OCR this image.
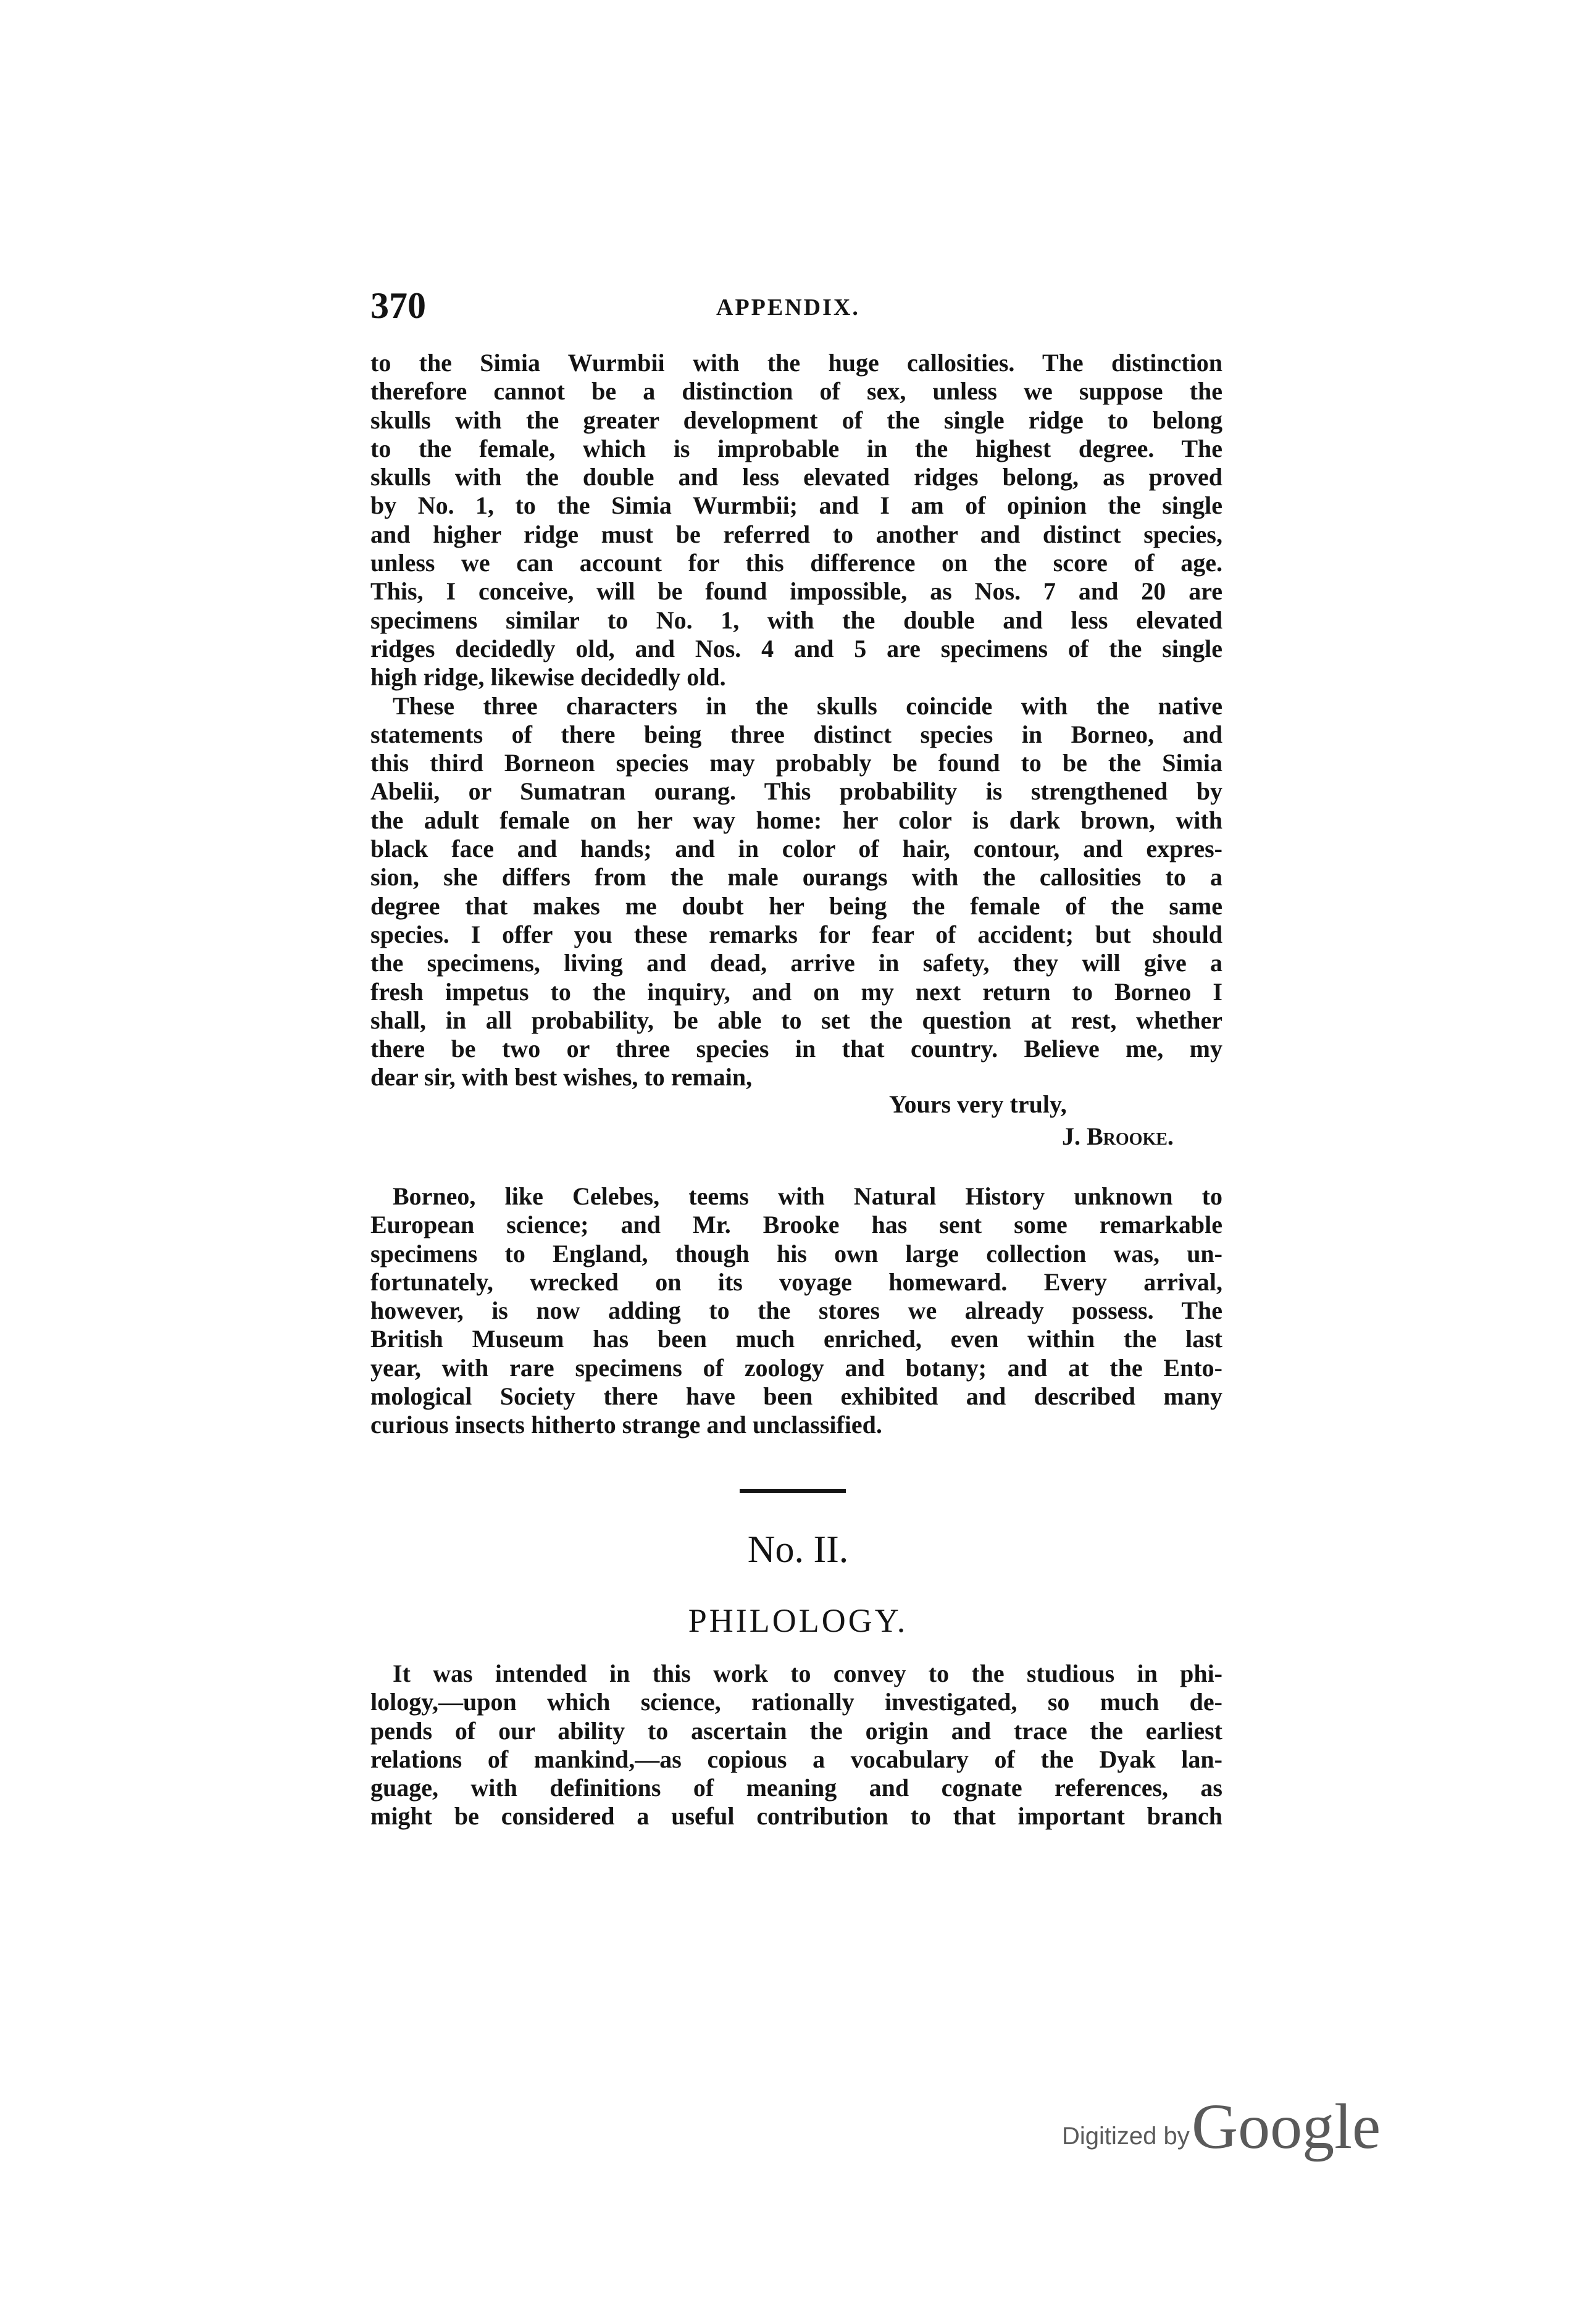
370	APPENDIX.
to the Simia Wurmbii with the huge callosities. The distinction
therefore cannot be a distinction of sex, unless we suppose the
skulls with the greater development of the single ridge to belong
to the female, which is improbable in the highest degree. The
skulls with the double and less elevated ridges belong, as proved
by No. 1, to the Simia Wurmbii; and I am of opinion the single
and higher ridge must be referred to another and distinct species,
unless we can account for this difference on the score of age.
This, I conceive, will be found impossible, as Nos. 7 and 20 are
specimens similar to No. 1, with the double and less elevated
ridges decidedly old, and Nos. 4 and 5 are specimens of the single
high ridge, likewise decidedly old.
These three characters in the skulls coincide with the native
statements of there being three distinct species in Borneo, and
this third Borneon species may probably be found to be the Simia
Abelii, or Sumatran ourang. This probability is strengthened by
the adult female on her way home: her color is dark brown, with
black face and hands; and in color of hair, contour, and expres-
sion, she differs from the male ourangs with the callosities to a
degree that makes me doubt her being the female of the same
species. I offer you these remarks for fear of accident; but should
the specimens, living and dead, arrive in safety, they will give a
fresh impetus to the inquiry, and on my next return to Borneo I
shall, in all probability, be able to set the question at rest, whether
there be two or three species in that country. Believe me, my
dear sir, with best wishes, to remain,
Yours very truly,
J. Brooke.
Borneo, like Celebes, teems with Natural History unknown to
European science; and Mr. Brooke has sent some remarkable
specimens to England, though his own large collection was, un-
fortunately, wrecked on its voyage homeward. Every arrival,
however, is now adding to the stores we already possess. The
British Museum has been much enriched, even within the last
year, with rare specimens of zoology and botany; and at the Ento-
mological Society there have been exhibited and described many
curious insects hitherto strange and unclassified.
No. II.
PHILOLOGY.
It was intended in this work to convey to the studious in phi-
lology,—upon which science, rationally investigated, so much de-
pends of our ability to ascertain the origin and trace the earliest
relations of mankind,—as copious a vocabulary of the Dyak lan-
guage, with definitions of meaning and cognate references, as
might be considered a useful contribution to that important branch
Digitized by Google
